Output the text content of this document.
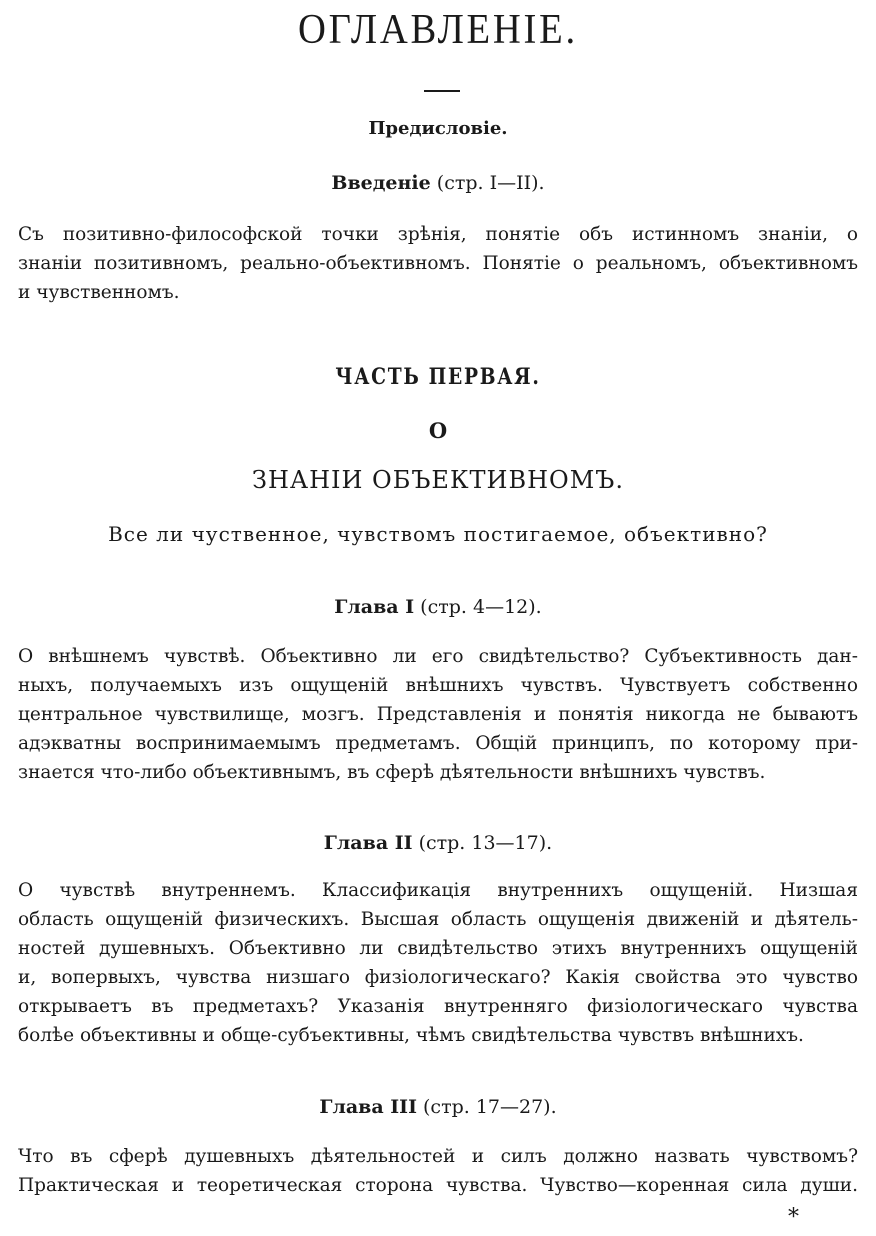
ОГЛАВЛЕНIЕ.

Предисловіе.

Введеніе (стр. I—II).

Съ позитивно-философской точки зрѣнія, понятіе объ истинномъ знаніи, о
знаніи позитивномъ, реально-объективномъ. Понятіе о реальномъ, объективномъ
и чувственномъ.

ЧАСТЬ ПЕРВАЯ.

О

ЗНАНІИ ОБЪЕКТИВНОМЪ.

Все ли чуственное, чувствомъ постигаемое, объективно?

Глава I (стр. 4—12).

О внѣшнемъ чувствѣ. Объективно ли его свидѣтельство? Субъективность дан-
ныхъ, получаемыхъ изъ ощущеній внѣшнихъ чувствъ. Чувствуетъ собственно
центральное чувствилище, мозгъ. Представленія и понятія никогда не бываютъ
адэкватны воспринимаемымъ предметамъ. Общій принципъ, по которому при-
знается что-либо объективнымъ, въ сферѣ дѣятельности внѣшнихъ чувствъ.

Глава II (стр. 13—17).

О чувствѣ внутреннемъ. Классификація внутреннихъ ощущеній. Низшая
область ощущеній физическихъ. Высшая область ощущенія движеній и дѣятель-
ностей душевныхъ. Объективно ли свидѣтельство этихъ внутреннихъ ощущеній
и, вопервыхъ, чувства низшаго физіологическаго? Какія свойства это чувство
открываетъ въ предметахъ? Указанія внутренняго физіологическаго чувства
болѣе объективны и обще-субъективны, чѣмъ свидѣтельства чувствъ внѣшнихъ.

Глава III (стр. 17—27).

Что въ сферѣ душевныхъ дѣятельностей и силъ должно назвать чувствомъ?
Практическая и теоретическая сторона чувства. Чувство—коренная сила души.

*
